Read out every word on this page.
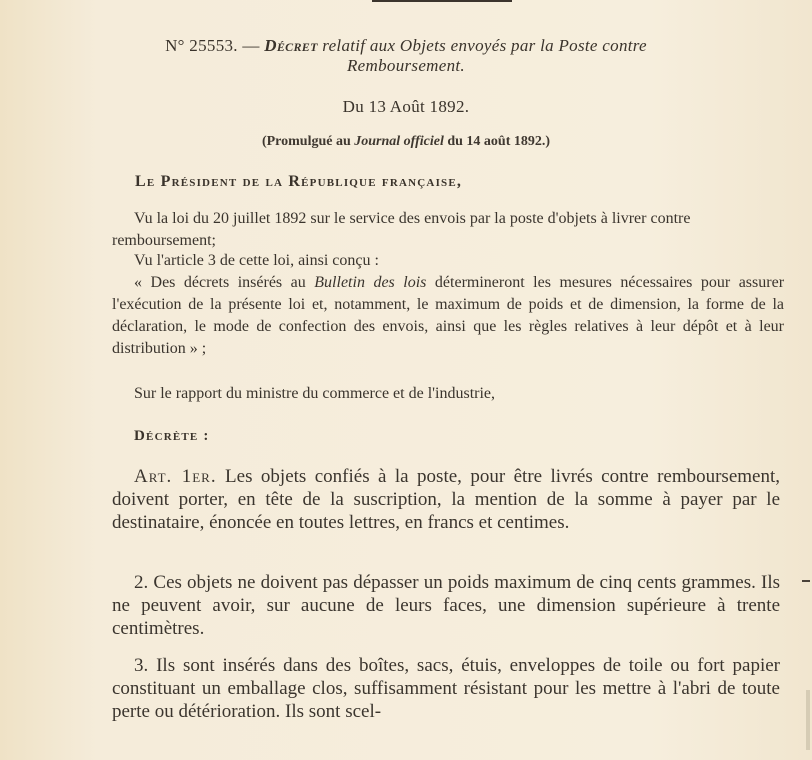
N° 25553. — Décret relatif aux Objets envoyés par la Poste contre
Remboursement.
Du 13 Août 1892.
(Promulgué au Journal officiel du 14 août 1892.)
Le Président de la République française,
Vu la loi du 20 juillet 1892 sur le service des envois par la poste d'objets à livrer contre remboursement;
Vu l'article 3 de cette loi, ainsi conçu :
« Des décrets insérés au Bulletin des lois détermineront les mesures nécessaires pour assurer l'exécution de la présente loi et, notamment, le maximum de poids et de dimension, la forme de la déclaration, le mode de confection des envois, ainsi que les règles relatives à leur dépôt et à leur distribution » ;
Sur le rapport du ministre du commerce et de l'industrie,
Décrète :
Art. 1er. Les objets confiés à la poste, pour être livrés contre remboursement, doivent porter, en tête de la suscription, la mention de la somme à payer par le destinataire, énoncée en toutes lettres, en francs et centimes.
2. Ces objets ne doivent pas dépasser un poids maximum de cinq cents grammes. Ils ne peuvent avoir, sur aucune de leurs faces, une dimension supérieure à trente centimètres.
3. Ils sont insérés dans des boîtes, sacs, étuis, enveloppes de toile ou fort papier constituant un emballage clos, suffisamment résistant pour les mettre à l'abri de toute perte ou détérioration. Ils sont scel-
